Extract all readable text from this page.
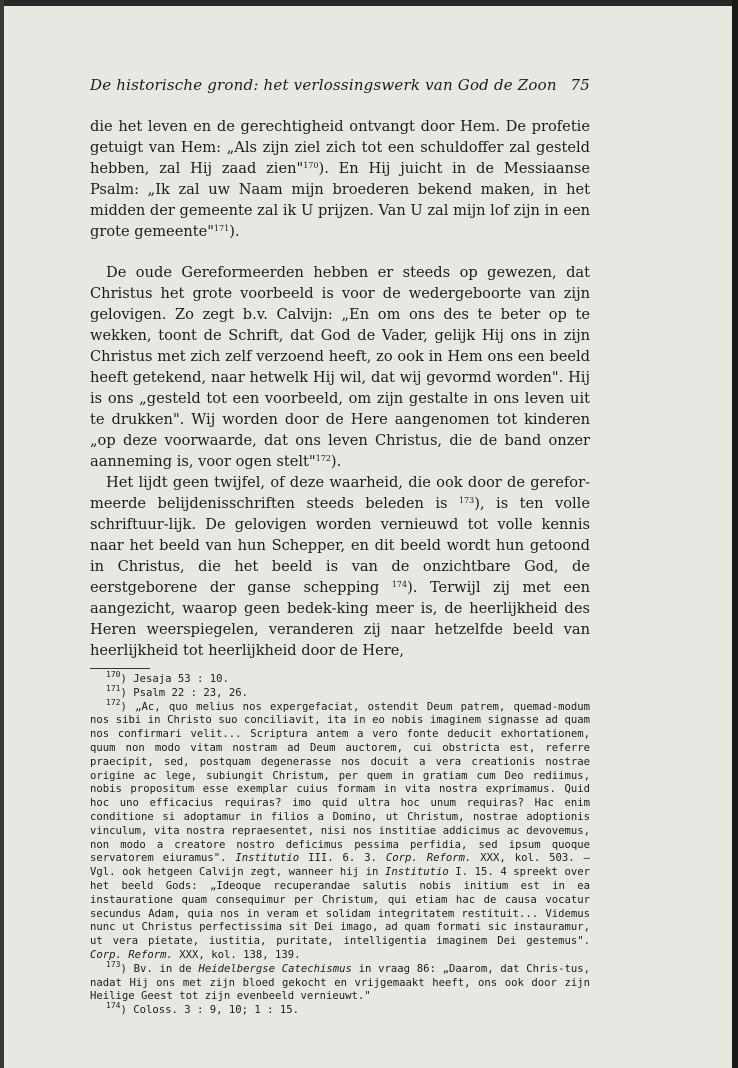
De historische grond: het verlossingswerk van God de Zoon 75

die het leven en de gerechtigheid ontvangt door Hem. De profetie getuigt van Hem: „Als zijn ziel zich tot een schuldoffer zal gesteld hebben, zal Hij zaad zien"$^{170}$). En Hij juicht in de Messiaanse Psalm: „Ik zal uw Naam mijn broederen bekend maken, in het midden der gemeente zal ik U prijzen. Van U zal mijn lof zijn in een grote gemeente"$^{171}$).

De oude Gereformeerden hebben er steeds op gewezen, dat Christus het grote voorbeeld is voor de wedergeboorte van zijn gelovigen. Zo zegt b.v. Calvijn: „En om ons des te beter op te wekken, toont de Schrift, dat God de Vader, gelijk Hij ons in zijn Christus met zich zelf verzoend heeft, zo ook in Hem ons een beeld heeft getekend, naar hetwelk Hij wil, dat wij gevormd worden". Hij is ons „gesteld tot een voorbeeld, om zijn gestalte in ons leven uit te drukken". Wij worden door de Here aangenomen tot kinderen „op deze voorwaarde, dat ons leven Christus, die de band onzer aanneming is, voor ogen stelt"$^{172}$).

Het lijdt geen twijfel, of deze waarheid, die ook door de gerefor-meerde belijdenisschriften steeds beleden is $^{173}$), is ten volle schriftuur-lijk. De gelovigen worden vernieuwd tot volle kennis naar het beeld van hun Schepper, en dit beeld wordt hun getoond in Christus, die het beeld is van de onzichtbare God, de eerstgeborene der ganse schepping $^{174}$). Terwijl zij met een aangezicht, waarop geen bedek-king meer is, de heerlijkheid des Heren weerspiegelen, veranderen zij naar hetzelfde beeld van heerlijkheid tot heerlijkheid door de Here,

$^{170}$) Jesaja 53 : 10.

$^{171}$) Psalm 22 : 23, 26.

$^{172}$) „Ac, quo melius nos expergefaciat, ostendit Deum patrem, quemad-modum nos sibi in Christo suo conciliavit, ita in eo nobis imaginem signasse ad quam nos confirmari velit... Scriptura antem a vero fonte deducit exhortationem, quum non modo vitam nostram ad Deum auctorem, cui obstricta est, referre praecipit, sed, postquam degenerasse nos docuit a vera creationis nostrae origine ac lege, subiungit Christum, per quem in gratiam cum Deo rediimus, nobis propositum esse exemplar cuius formam in vita nostra exprimamus. Quid hoc uno efficacius requiras? imo quid ultra hoc unum requiras? Hac enim conditione si adoptamur in filios a Domino, ut Christum, nostrae adoptionis vinculum, vita nostra repraesentet, nisi nos institiae addicimus ac devovemus, non modo a creatore nostro deficimus pessima perfidia, sed ipsum quoque servatorem eiuramus". Institutio III. 6. 3. Corp. Reform. XXX, kol. 503. — Vgl. ook hetgeen Calvijn zegt, wanneer hij in Institutio I. 15. 4 spreekt over het beeld Gods: „Ideoque recuperandae salutis nobis initium est in ea instauratione quam consequimur per Christum, qui etiam hac de causa vocatur secundus Adam, quia nos in veram et solidam integritatem restituit... Videmus nunc ut Christus perfectissima sit Dei imago, ad quam formati sic instauramur, ut vera pietate, iustitia, puritate, intelligentia imaginem Dei gestemus". Corp. Reform. XXX, kol. 138, 139.

$^{173}$) Bv. in de Heidelbergse Catechismus in vraag 86: „Daarom, dat Chris-tus, nadat Hij ons met zijn bloed gekocht en vrijgemaakt heeft, ons ook door zijn Heilige Geest tot zijn evenbeeld vernieuwt."

$^{174}$) Coloss. 3 : 9, 10; 1 : 15.
